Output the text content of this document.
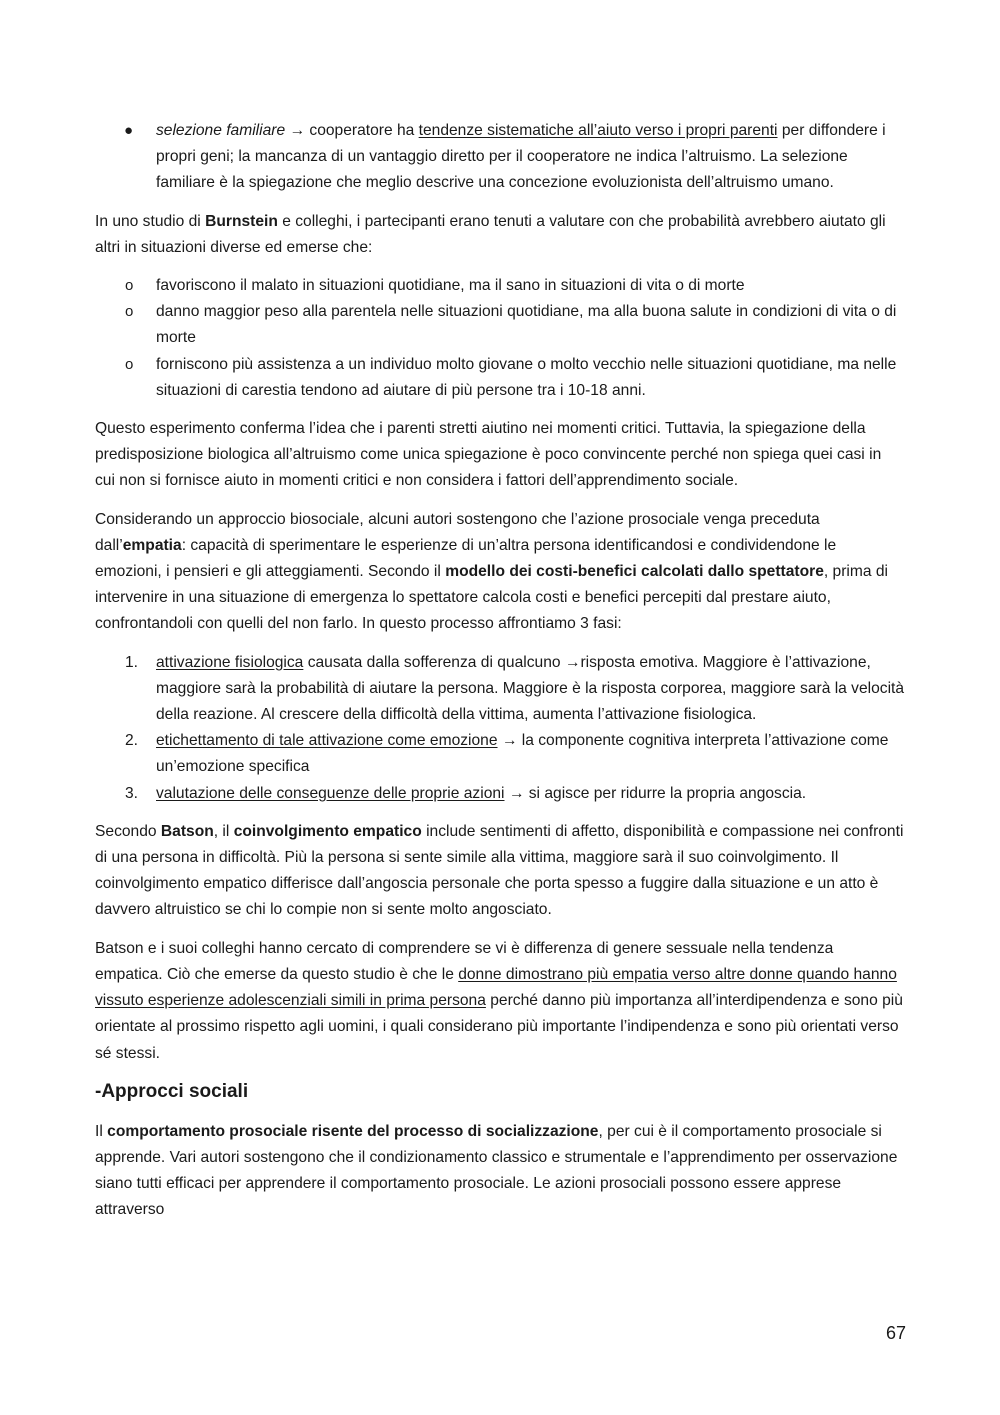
● selezione familiare → cooperatore ha tendenze sistematiche all’aiuto verso i propri parenti per diffondere i propri geni; la mancanza di un vantaggio diretto per il cooperatore ne indica l’altruismo. La selezione familiare è la spiegazione che meglio descrive una concezione evoluzionista dell’altruismo umano.

In uno studio di Burnstein e colleghi, i partecipanti erano tenuti a valutare con che probabilità avrebbero aiutato gli altri in situazioni diverse ed emerse che:

o favoriscono il malato in situazioni quotidiane, ma il sano in situazioni di vita o di morte
o danno maggior peso alla parentela nelle situazioni quotidiane, ma alla buona salute in condizioni di vita o di morte
o forniscono più assistenza a un individuo molto giovane o molto vecchio nelle situazioni quotidiane, ma nelle situazioni di carestia tendono ad aiutare di più persone tra i 10-18 anni.

Questo esperimento conferma l’idea che i parenti stretti aiutino nei momenti critici. Tuttavia, la spiegazione della predisposizione biologica all’altruismo come unica spiegazione è poco convincente perché non spiega quei casi in cui non si fornisce aiuto in momenti critici e non considera i fattori dell’apprendimento sociale.

Considerando un approccio biosociale, alcuni autori sostengono che l’azione prosociale venga preceduta dall’empatia: capacità di sperimentare le esperienze di un’altra persona identificandosi e condividendone le emozioni, i pensieri e gli atteggiamenti. Secondo il modello dei costi-benefici calcolati dallo spettatore, prima di intervenire in una situazione di emergenza lo spettatore calcola costi e benefici percepiti dal prestare aiuto, confrontandoli con quelli del non farlo. In questo processo affrontiamo 3 fasi:

1. attivazione fisiologica causata dalla sofferenza di qualcuno →risposta emotiva. Maggiore è l’attivazione, maggiore sarà la probabilità di aiutare la persona. Maggiore è la risposta corporea, maggiore sarà la velocità della reazione. Al crescere della difficoltà della vittima, aumenta l’attivazione fisiologica.
2. etichettamento di tale attivazione come emozione → la componente cognitiva interpreta l’attivazione come un’emozione specifica
3. valutazione delle conseguenze delle proprie azioni → si agisce per ridurre la propria angoscia.

Secondo Batson, il coinvolgimento empatico include sentimenti di affetto, disponibilità e compassione nei confronti di una persona in difficoltà. Più la persona si sente simile alla vittima, maggiore sarà il suo coinvolgimento. Il coinvolgimento empatico differisce dall’angoscia personale che porta spesso a fuggire dalla situazione e un atto è davvero altruistico se chi lo compie non si sente molto angosciato.

Batson e i suoi colleghi hanno cercato di comprendere se vi è differenza di genere sessuale nella tendenza empatica. Ciò che emerse da questo studio è che le donne dimostrano più empatia verso altre donne quando hanno vissuto esperienze adolescenziali simili in prima persona perché danno più importanza all’interdipendenza e sono più orientate al prossimo rispetto agli uomini, i quali considerano più importante l’indipendenza e sono più orientati verso sé stessi.

-Approcci sociali

Il comportamento prosociale risente del processo di socializzazione, per cui è il comportamento prosociale si apprende. Vari autori sostengono che il condizionamento classico e strumentale e l’apprendimento per osservazione siano tutti efficaci per apprendere il comportamento prosociale. Le azioni prosociali possono essere apprese attraverso

67
